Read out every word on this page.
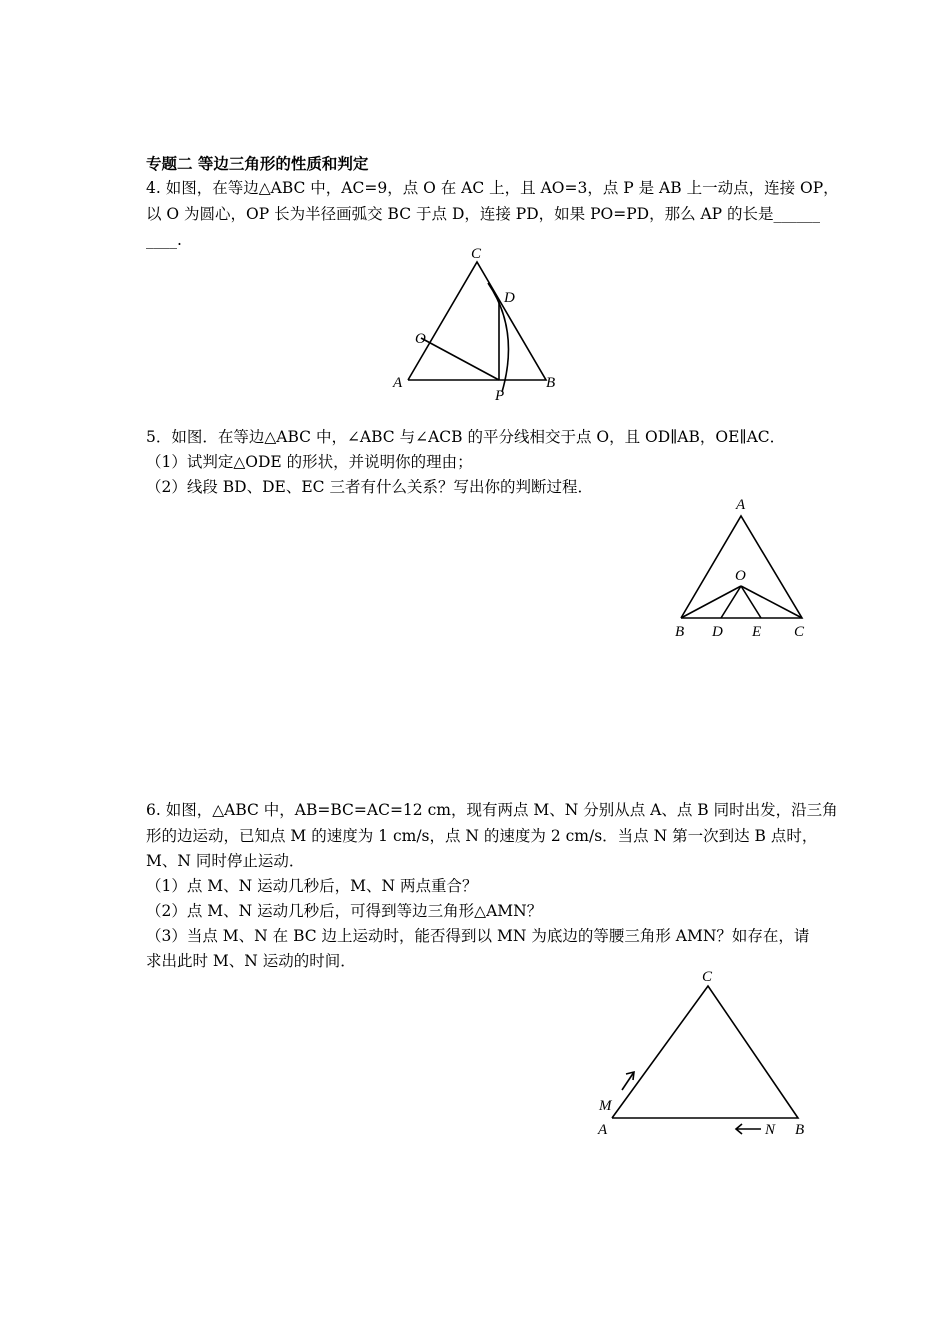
专题二 等边三角形的性质和判定
4. 如图，在等边△ABC 中，AC=9，点 O 在 AC 上，且 AO=3，点 P 是 AB 上一动点，连接 OP，
以 O 为圆心，OP 长为半径画弧交 BC 于点 D，连接 PD，如果 PO=PD，那么 AP 的长是______
____.
C
D
O
A	B
P
5．如图．在等边△ABC 中，∠ABC 与∠ACB 的平分线相交于点 O，且 OD∥AB，OE∥AC．
（1）试判定△ODE 的形状，并说明你的理由；
（2）线段 BD、DE、EC 三者有什么关系？写出你的判断过程．
A
O
B D E C
6. 如图，△ABC 中，AB=BC=AC=12 cm，现有两点 M、N 分别从点 A、点 B 同时出发，沿三角
形的边运动，已知点 M 的速度为 1 cm/s，点 N 的速度为 2 cm/s．当点 N 第一次到达 B 点时，
M、N 同时停止运动．
（1）点 M、N 运动几秒后，M、N 两点重合？
（2）点 M、N 运动几秒后，可得到等边三角形△AMN？
（3）当点 M、N 在 BC 边上运动时，能否得到以 MN 为底边的等腰三角形 AMN？如存在，请
求出此时 M、N 运动的时间．
C
M
A	N B
